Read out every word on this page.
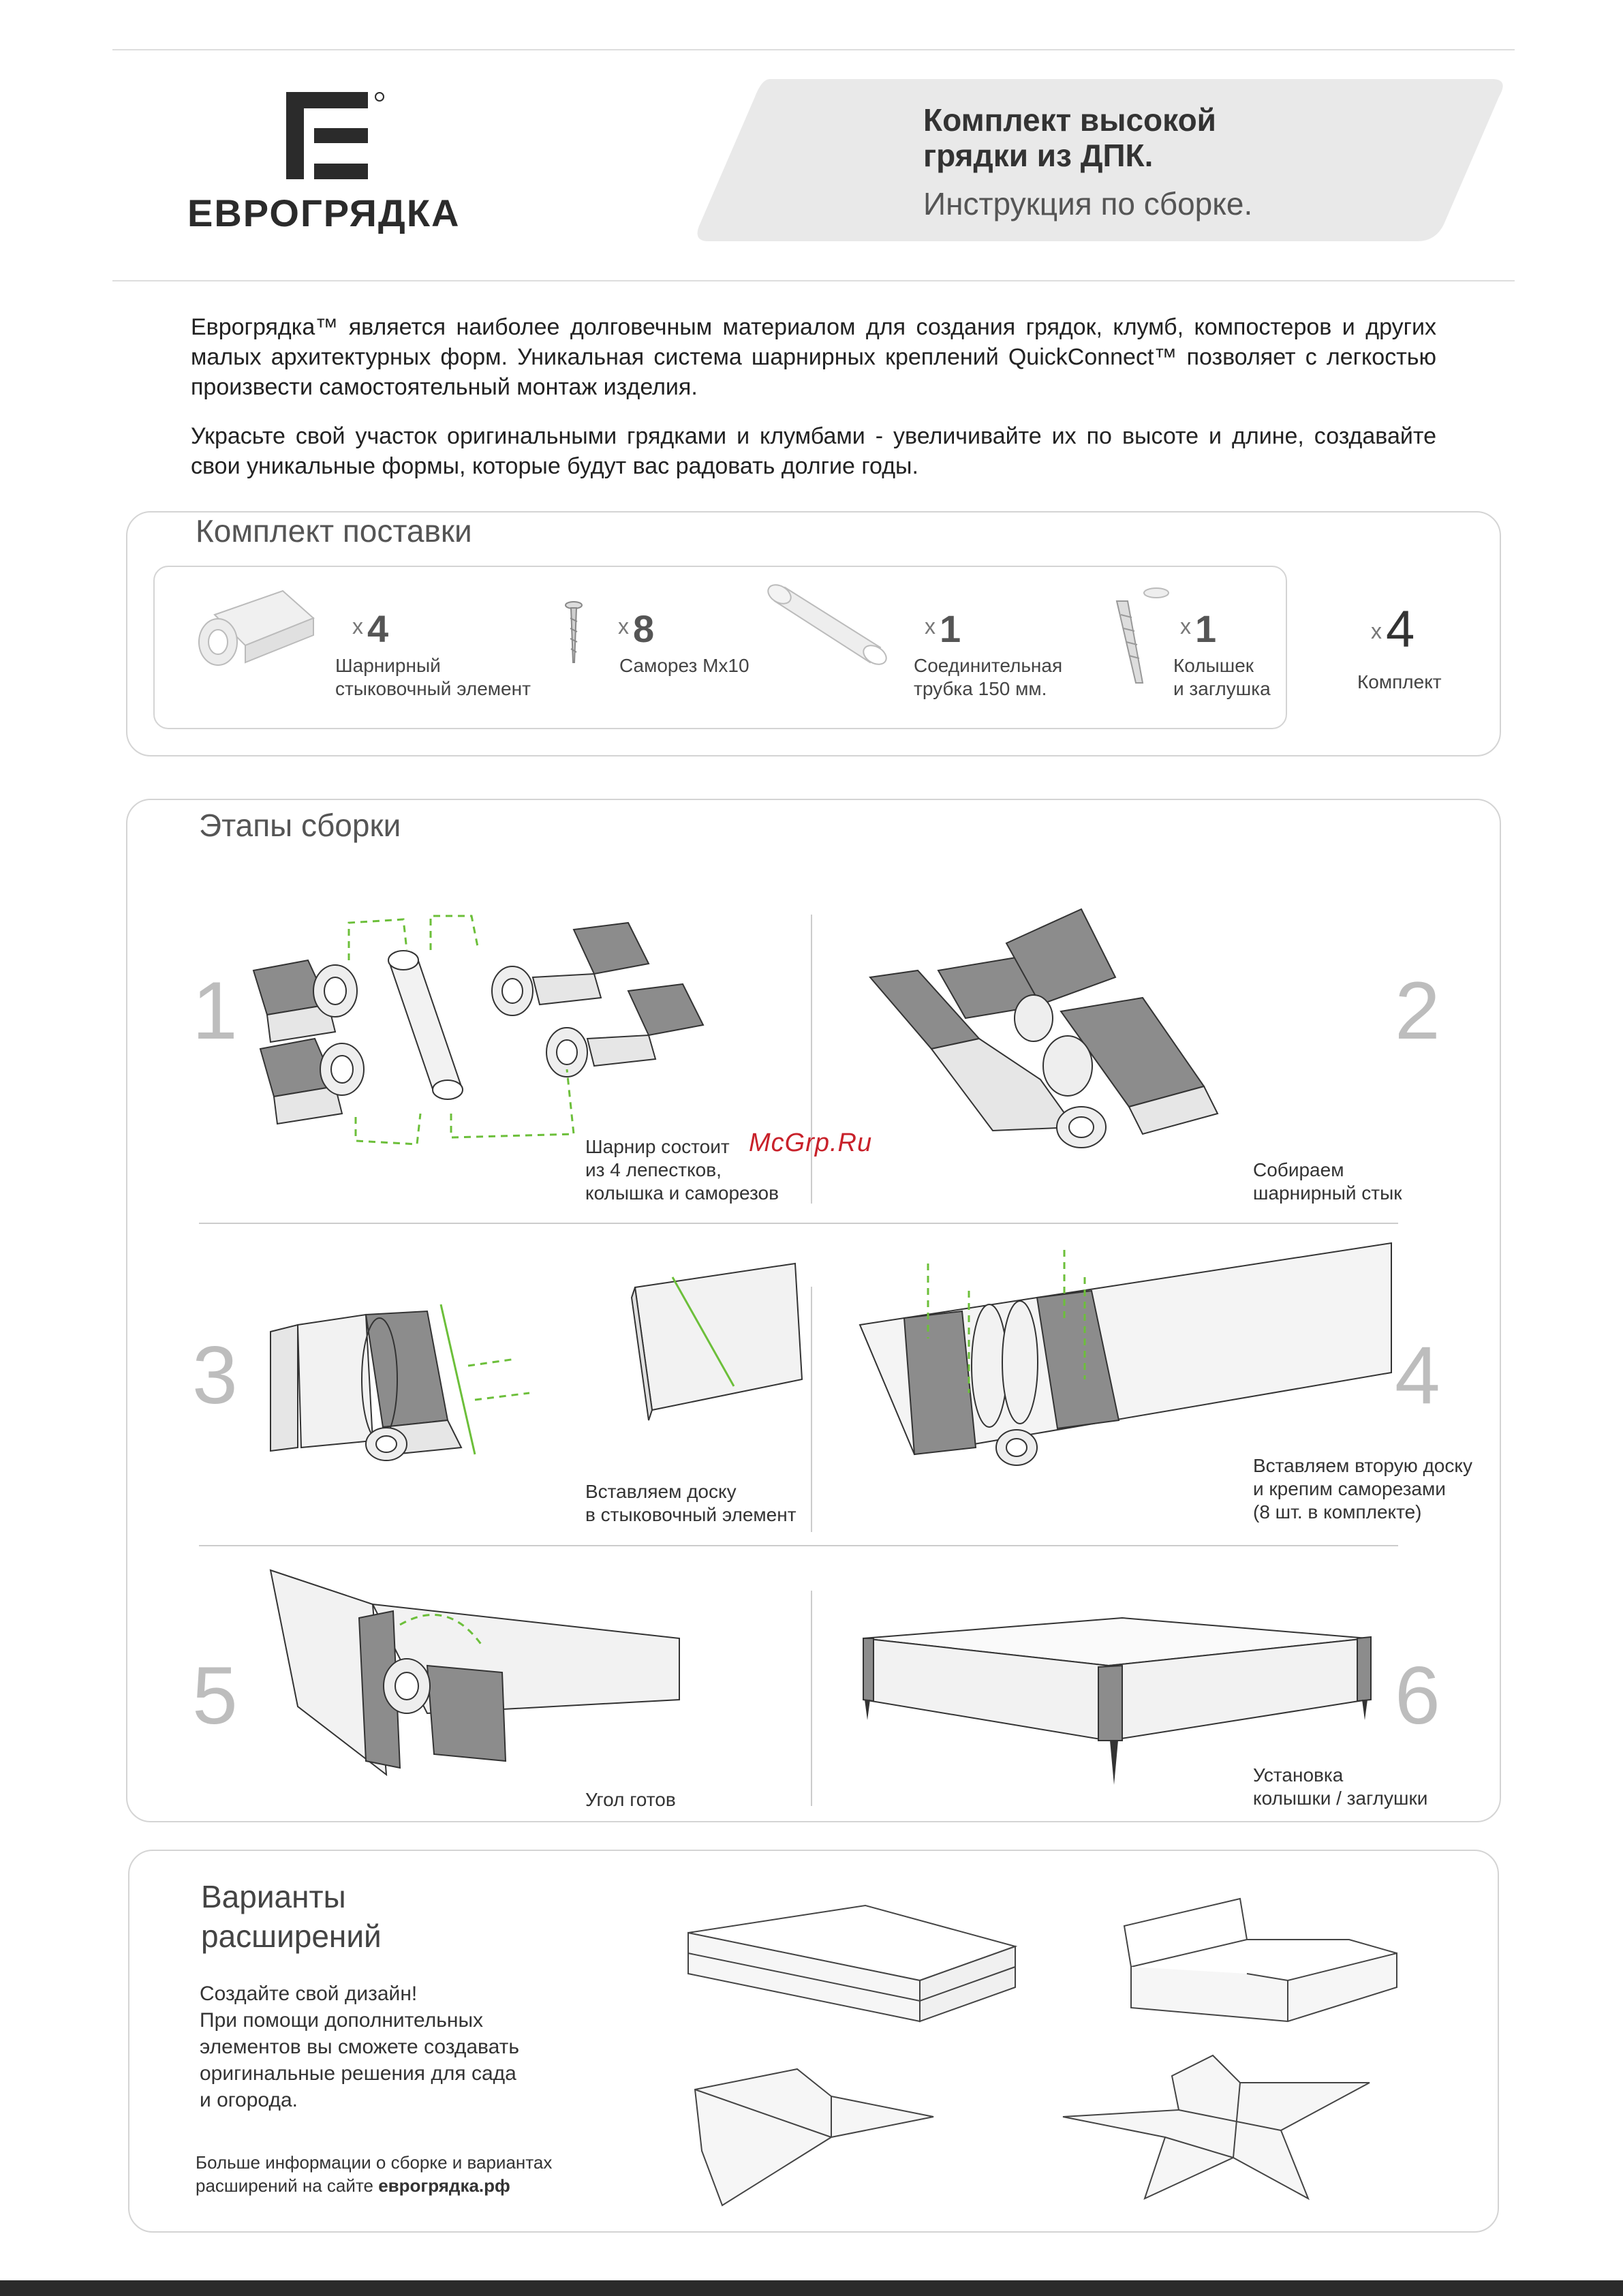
ЕВРОГРЯДКА
Комплект высокой
грядки из ДПК.
Инструкция по сборке.

Еврогрядка™ является наиболее долговечным материалом для создания грядок, клумб, компостеров и других малых архитектурных форм. Уникальная система шарнирных креплений QuickConnect™ позволяет с легкостью произвести самостоятельный монтаж изделия.

Украсьте свой участок оригинальными грядками и клумбами - увеличивайте их по высоте и длине, создавайте свои уникальные формы, которые будут вас радовать долгие годы.

Комплект поставки
$^x$ 4
Шарнирный
стыковочный элемент
$^x$ 8
Саморез Мх10
$^x$ 1
Соединительная
трубка 150 мм.
$^x$ 1
Колышек
и заглушка
x4
Комплект
Этапы сборки
1
Шарнир состоит
из 4 лепестков,
колышка и саморезов
McGrp.Ru
2
Собираем
шарнирный стык
3
Вставляем доску
в стыковочный элемент
4
Вставляем вторую доску
и крепим саморезами
(8 шт. в комплекте)
5
Угол готов
6
Установка
колышки / заглушки
Варианты
расширений
Создайте свой дизайн!
При помощи дополнительных
элементов вы сможете создавать
оригинальные решения для сада
и огорода.
Больше информации о сборке и вариантах
расширений на сайте еврогрядка.рф
